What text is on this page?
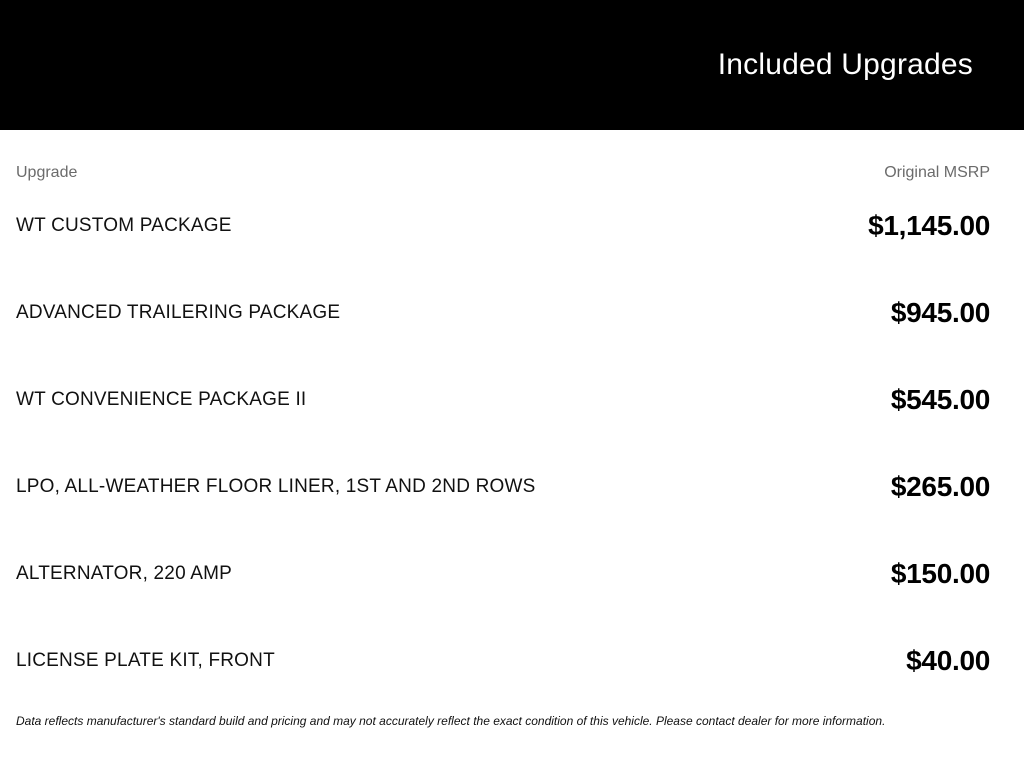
Included Upgrades
Upgrade	Original MSRP
WT CUSTOM PACKAGE	$1,145.00
ADVANCED TRAILERING PACKAGE	$945.00
WT CONVENIENCE PACKAGE II	$545.00
LPO, ALL-WEATHER FLOOR LINER, 1ST AND 2ND ROWS	$265.00
ALTERNATOR, 220 AMP	$150.00
LICENSE PLATE KIT, FRONT	$40.00
Data reflects manufacturer's standard build and pricing and may not accurately reflect the exact condition of this vehicle. Please contact dealer for more information.
